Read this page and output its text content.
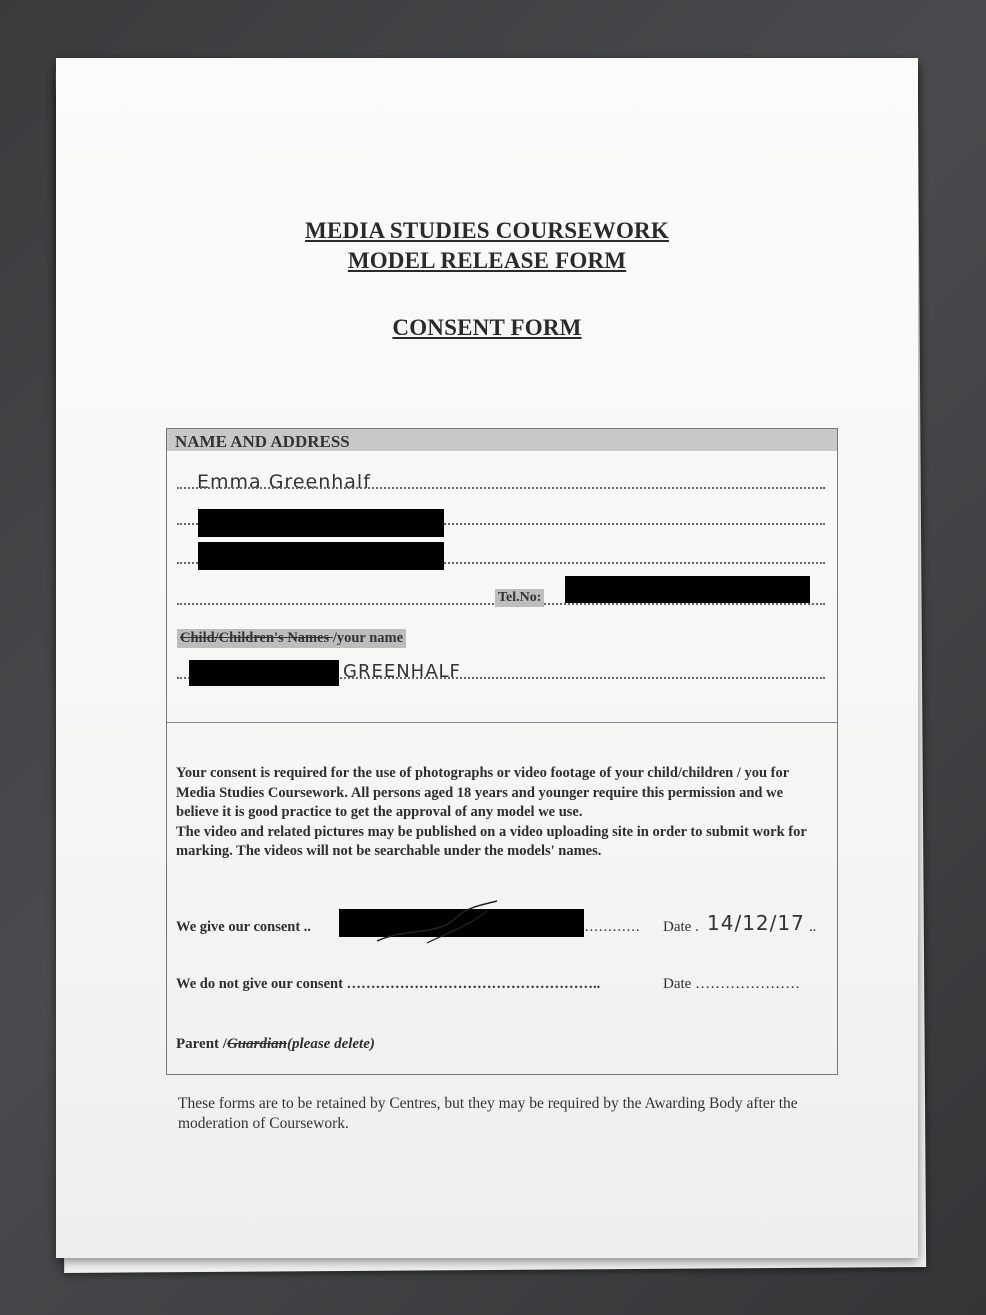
MEDIA STUDIES COURSEWORK
MODEL RELEASE FORM
CONSENT FORM
NAME AND ADDRESS
Emma Greenhalf
Tel.No:
Child/Children's Names /your name
GREENHALF

Your consent is required for the use of photographs or video footage of your child/children / you for Media Studies Coursework. All persons aged 18 years and younger require this permission and we believe it is good practice to get the approval of any model we use.

The video and related pictures may be published on a video uploading site in order to submit work for marking. The videos will not be searchable under the models' names.

We give our consent ..	............ Date . 14/12/17 ..
We do not give our consent ……………………………………………..	Date …………………
Parent /Guardian(please delete)
These forms are to be retained by Centres, but they may be required by the Awarding Body after the moderation of Coursework.
